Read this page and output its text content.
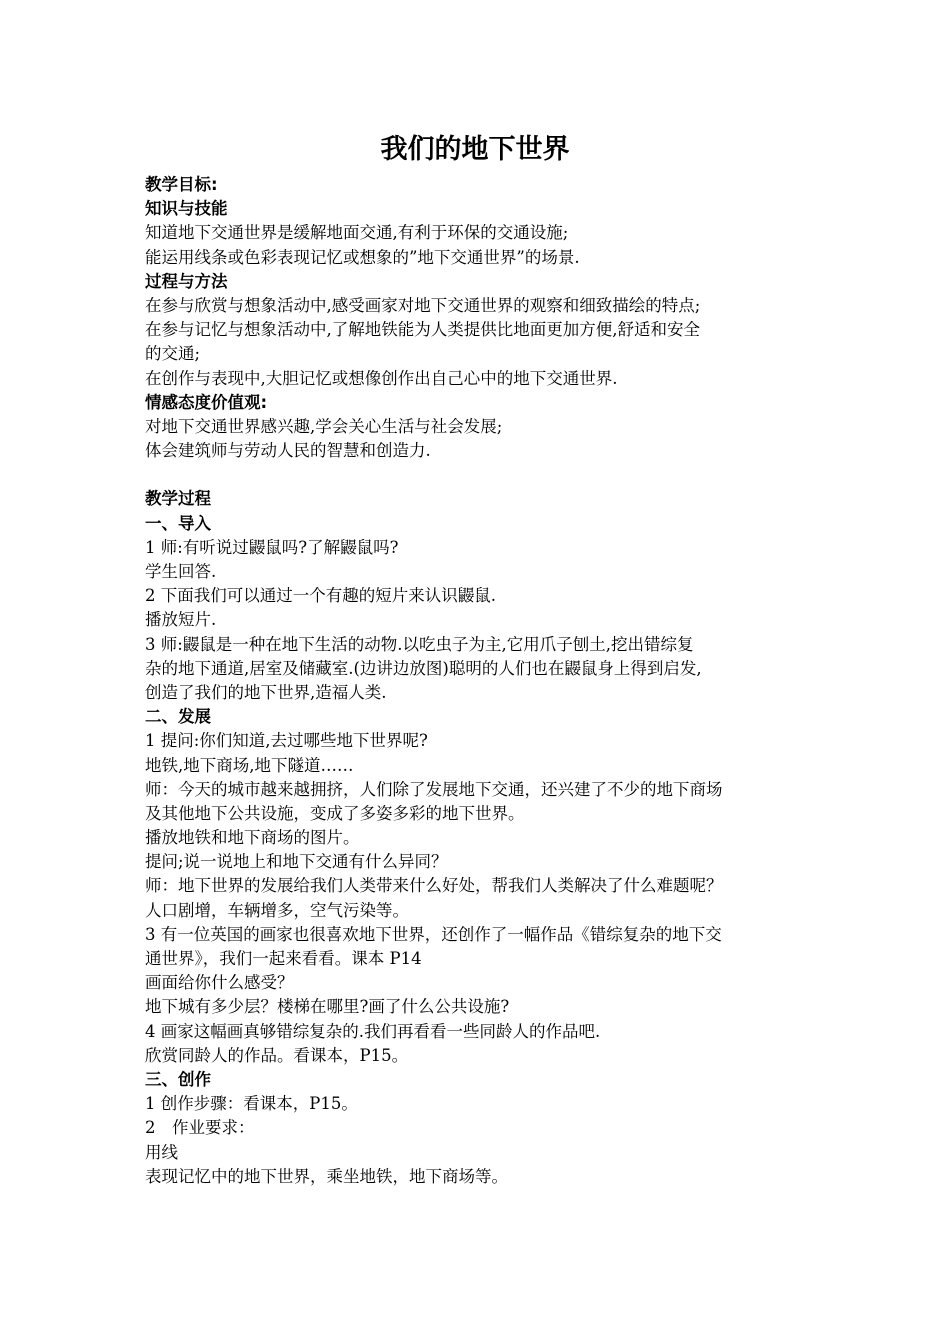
我们的地下世界
教学目标:
知识与技能
知道地下交通世界是缓解地面交通,有利于环保的交通设施;
能运用线条或色彩表现记忆或想象的”地下交通世界”的场景.
过程与方法
在参与欣赏与想象活动中,感受画家对地下交通世界的观察和细致描绘的特点;
在参与记忆与想象活动中,了解地铁能为人类提供比地面更加方便,舒适和安全
的交通;
在创作与表现中,大胆记忆或想像创作出自己心中的地下交通世界.
情感态度价值观:
对地下交通世界感兴趣,学会关心生活与社会发展;
体会建筑师与劳动人民的智慧和创造力.
教学过程
一、导入
1 师:有听说过鼹鼠吗?了解鼹鼠吗?
学生回答.
2 下面我们可以通过一个有趣的短片来认识鼹鼠.
播放短片.
3 师:鼹鼠是一种在地下生活的动物.以吃虫子为主,它用爪子刨土,挖出错综复
杂的地下通道,居室及储藏室.(边讲边放图)聪明的人们也在鼹鼠身上得到启发,
创造了我们的地下世界,造福人类.
二、发展
1 提问:你们知道,去过哪些地下世界呢?
地铁,地下商场,地下隧道……
师：今天的城市越来越拥挤，人们除了发展地下交通，还兴建了不少的地下商场
及其他地下公共设施，变成了多姿多彩的地下世界。
播放地铁和地下商场的图片。
提问;说一说地上和地下交通有什么异同？
师：地下世界的发展给我们人类带来什么好处，帮我们人类解决了什么难题呢？
人口剧增，车辆增多，空气污染等。
3 有一位英国的画家也很喜欢地下世界，还创作了一幅作品《错综复杂的地下交
通世界》，我们一起来看看。课本 P14
画面给你什么感受？
地下城有多少层？楼梯在哪里?画了什么公共设施?
4 画家这幅画真够错综复杂的.我们再看看一些同龄人的作品吧.
欣赏同龄人的作品。看课本，P15。
三、创作
1 创作步骤：看课本，P15。
2　作业要求：
用线
表现记忆中的地下世界，乘坐地铁，地下商场等。
